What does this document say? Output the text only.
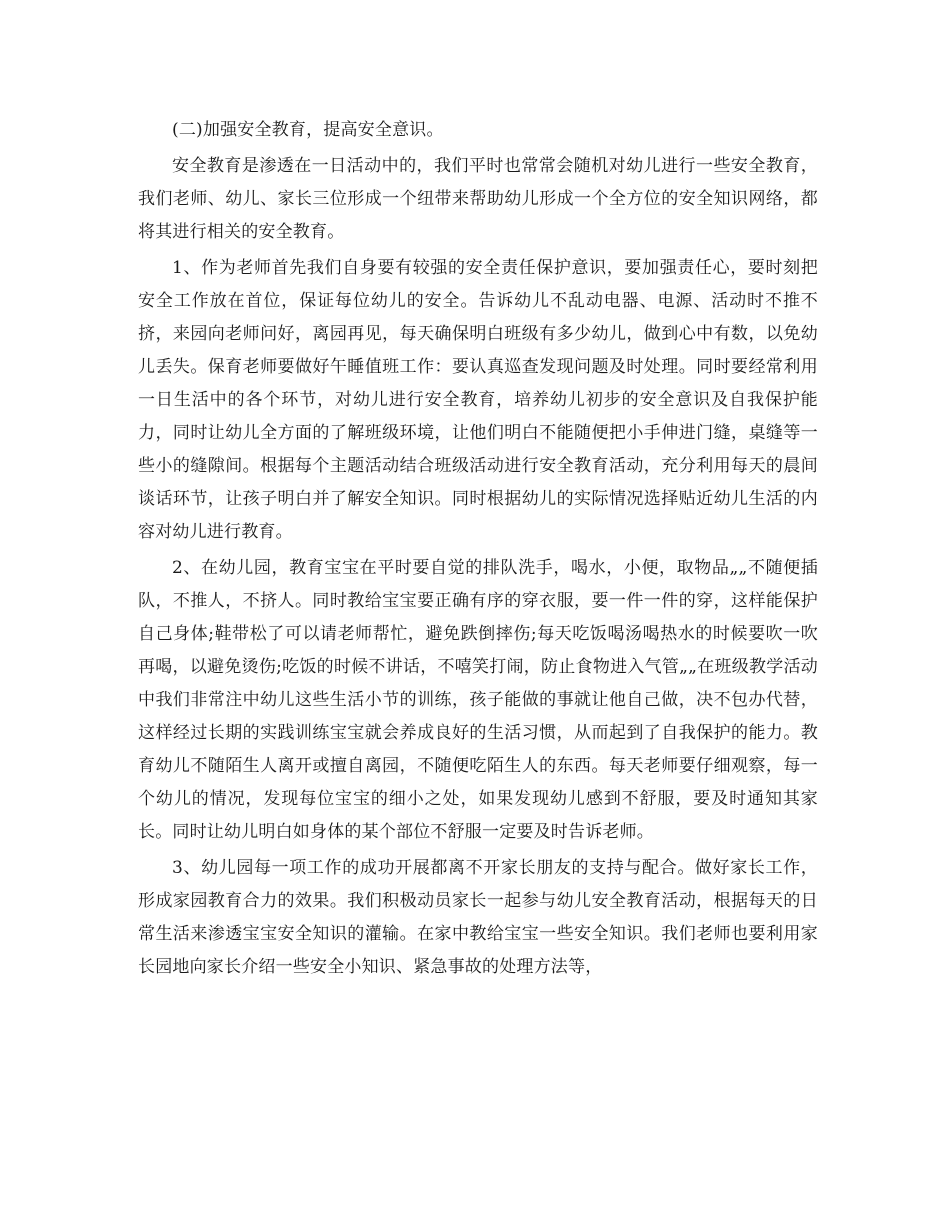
(二)加强安全教育，提高安全意识。

安全教育是渗透在一日活动中的，我们平时也常常会随机对幼儿进行一些安全教育，我们老师、幼儿、家长三位形成一个纽带来帮助幼儿形成一个全方位的安全知识网络，都将其进行相关的安全教育。

1、作为老师首先我们自身要有较强的安全责任保护意识，要加强责任心，要时刻把安全工作放在首位，保证每位幼儿的安全。告诉幼儿不乱动电器、电源、活动时不推不挤，来园向老师问好，离园再见，每天确保明白班级有多少幼儿，做到心中有数，以免幼儿丢失。保育老师要做好午睡值班工作：要认真巡查发现问题及时处理。同时要经常利用一日生活中的各个环节，对幼儿进行安全教育，培养幼儿初步的安全意识及自我保护能力，同时让幼儿全方面的了解班级环境，让他们明白不能随便把小手伸进门缝，桌缝等一些小的缝隙间。根据每个主题活动结合班级活动进行安全教育活动，充分利用每天的晨间谈话环节，让孩子明白并了解安全知识。同时根据幼儿的实际情况选择贴近幼儿生活的内容对幼儿进行教育。

2、在幼儿园，教育宝宝在平时要自觉的排队洗手，喝水，小便，取物品„„不随便插队，不推人，不挤人。同时教给宝宝要正确有序的穿衣服，要一件一件的穿，这样能保护自己身体;鞋带松了可以请老师帮忙，避免跌倒摔伤;每天吃饭喝汤喝热水的时候要吹一吹再喝，以避免烫伤;吃饭的时候不讲话，不嘻笑打闹，防止食物进入气管„„在班级教学活动中我们非常注中幼儿这些生活小节的训练，孩子能做的事就让他自己做，决不包办代替，这样经过长期的实践训练宝宝就会养成良好的生活习惯，从而起到了自我保护的能力。教育幼儿不随陌生人离开或擅自离园，不随便吃陌生人的东西。每天老师要仔细观察，每一个幼儿的情况，发现每位宝宝的细小之处，如果发现幼儿感到不舒服，要及时通知其家长。同时让幼儿明白如身体的某个部位不舒服一定要及时告诉老师。

3、幼儿园每一项工作的成功开展都离不开家长朋友的支持与配合。做好家长工作，形成家园教育合力的效果。我们积极动员家长一起参与幼儿安全教育活动，根据每天的日常生活来渗透宝宝安全知识的灌输。在家中教给宝宝一些安全知识。我们老师也要利用家长园地向家长介绍一些安全小知识、紧急事故的处理方法等，
